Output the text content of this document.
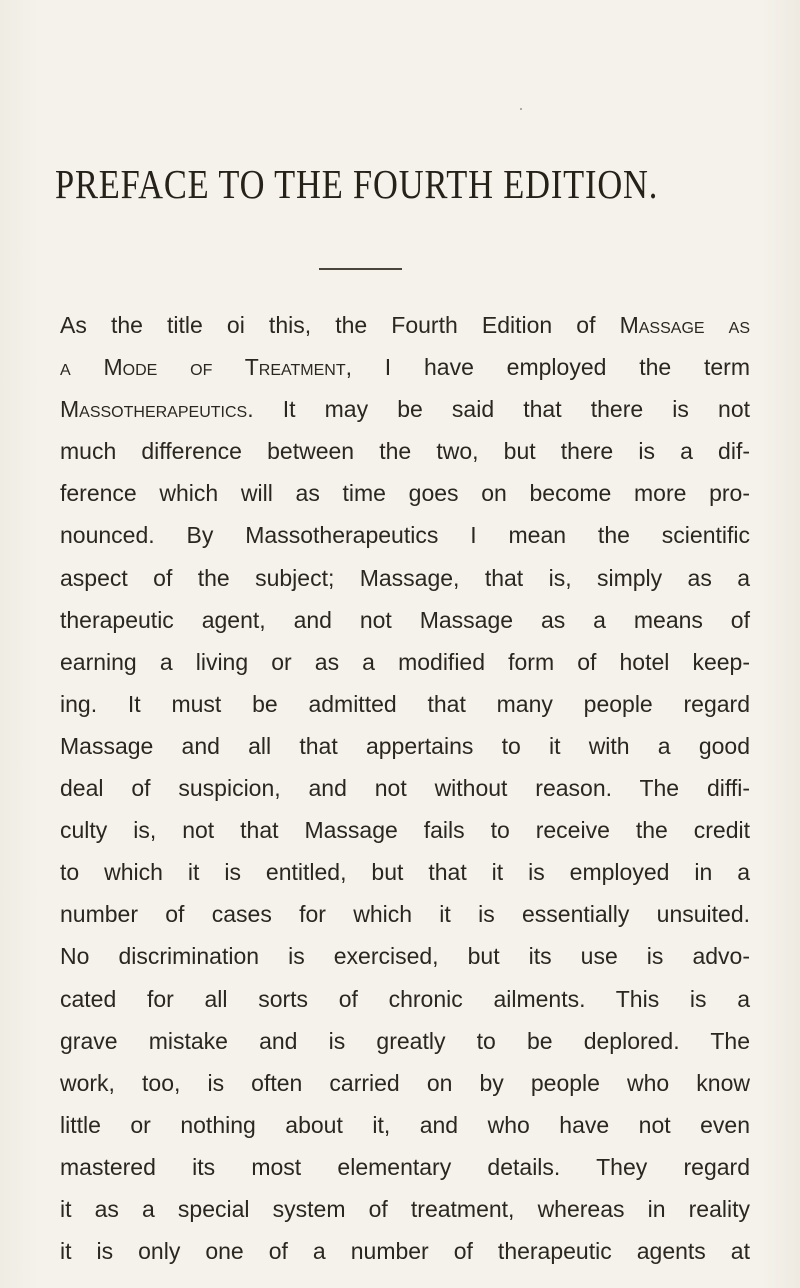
PREFACE TO THE FOURTH EDITION.
As the title oi this, the Fourth Edition of Massage as
a Mode of Treatment, I have employed the term
Massotherapeutics. It may be said that there is not
much difference between the two, but there is a dif-
ference which will as time goes on become more pro-
nounced. By Massotherapeutics I mean the scientific
aspect of the subject; Massage, that is, simply as a
therapeutic agent, and not Massage as a means of
earning a living or as a modified form of hotel keep-
ing. It must be admitted that many people regard
Massage and all that appertains to it with a good
deal of suspicion, and not without reason. The diffi-
culty is, not that Massage fails to receive the credit
to which it is entitled, but that it is employed in a
number of cases for which it is essentially unsuited.
No discrimination is exercised, but its use is advo-
cated for all sorts of chronic ailments. This is a
grave mistake and is greatly to be deplored. The
work, too, is often carried on by people who know
little or nothing about it, and who have not even
mastered its most elementary details. They regard
it as a special system of treatment, whereas in reality
it is only one of a number of therapeutic agents at
